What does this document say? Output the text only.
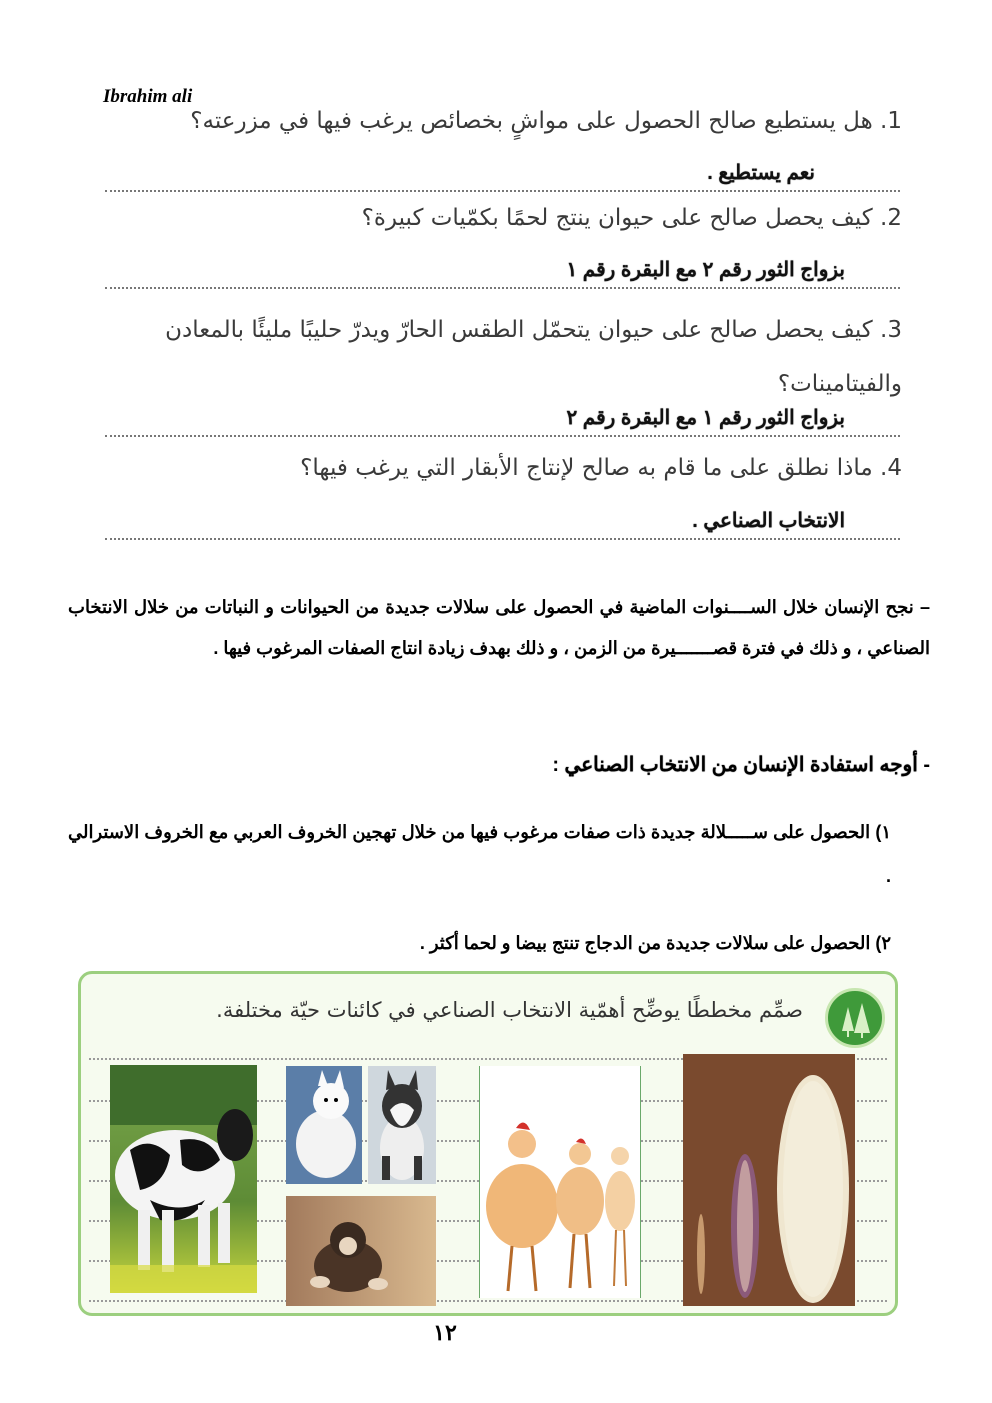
Ibrahim ali
1. هل يستطيع صالح الحصول على مواشٍ بخصائص يرغب فيها في مزرعته؟
نعم يستطيع .
2. كيف يحصل صالح على حيوان ينتج لحمًا بكمّيات كبيرة؟
بزواج الثور رقم ٢ مع البقرة رقم ١
3. كيف يحصل صالح على حيوان يتحمّل الطقس الحارّ ويدرّ حليبًا مليئًا بالمعادن والفيتامينات؟
بزواج الثور رقم ١ مع البقرة رقم ٢
4. ماذا نطلق على ما قام به صالح لإنتاج الأبقار التي يرغب فيها؟
الانتخاب الصناعي .
– نجح الإنسان خلال الســــنوات الماضية في الحصول على سلالات جديدة من الحيوانات و النباتات من خلال الانتخاب الصناعي ، و ذلك في فترة قصـــــــيرة من الزمن ، و ذلك بهدف زيادة انتاج الصفات المرغوب فيها .
- أوجه استفادة الإنسان من الانتخاب الصناعي :
١) الحصول على ســـــلالة جديدة ذات صفات مرغوب فيها من خلال تهجين الخروف العربي مع الخروف الاسترالي .
٢) الحصول على سلالات جديدة من الدجاج تنتج بيضا و لحما أكثر .
صمِّم مخططًا يوضِّح أهمّية الانتخاب الصناعي في كائنات حيّة مختلفة.
١٢
